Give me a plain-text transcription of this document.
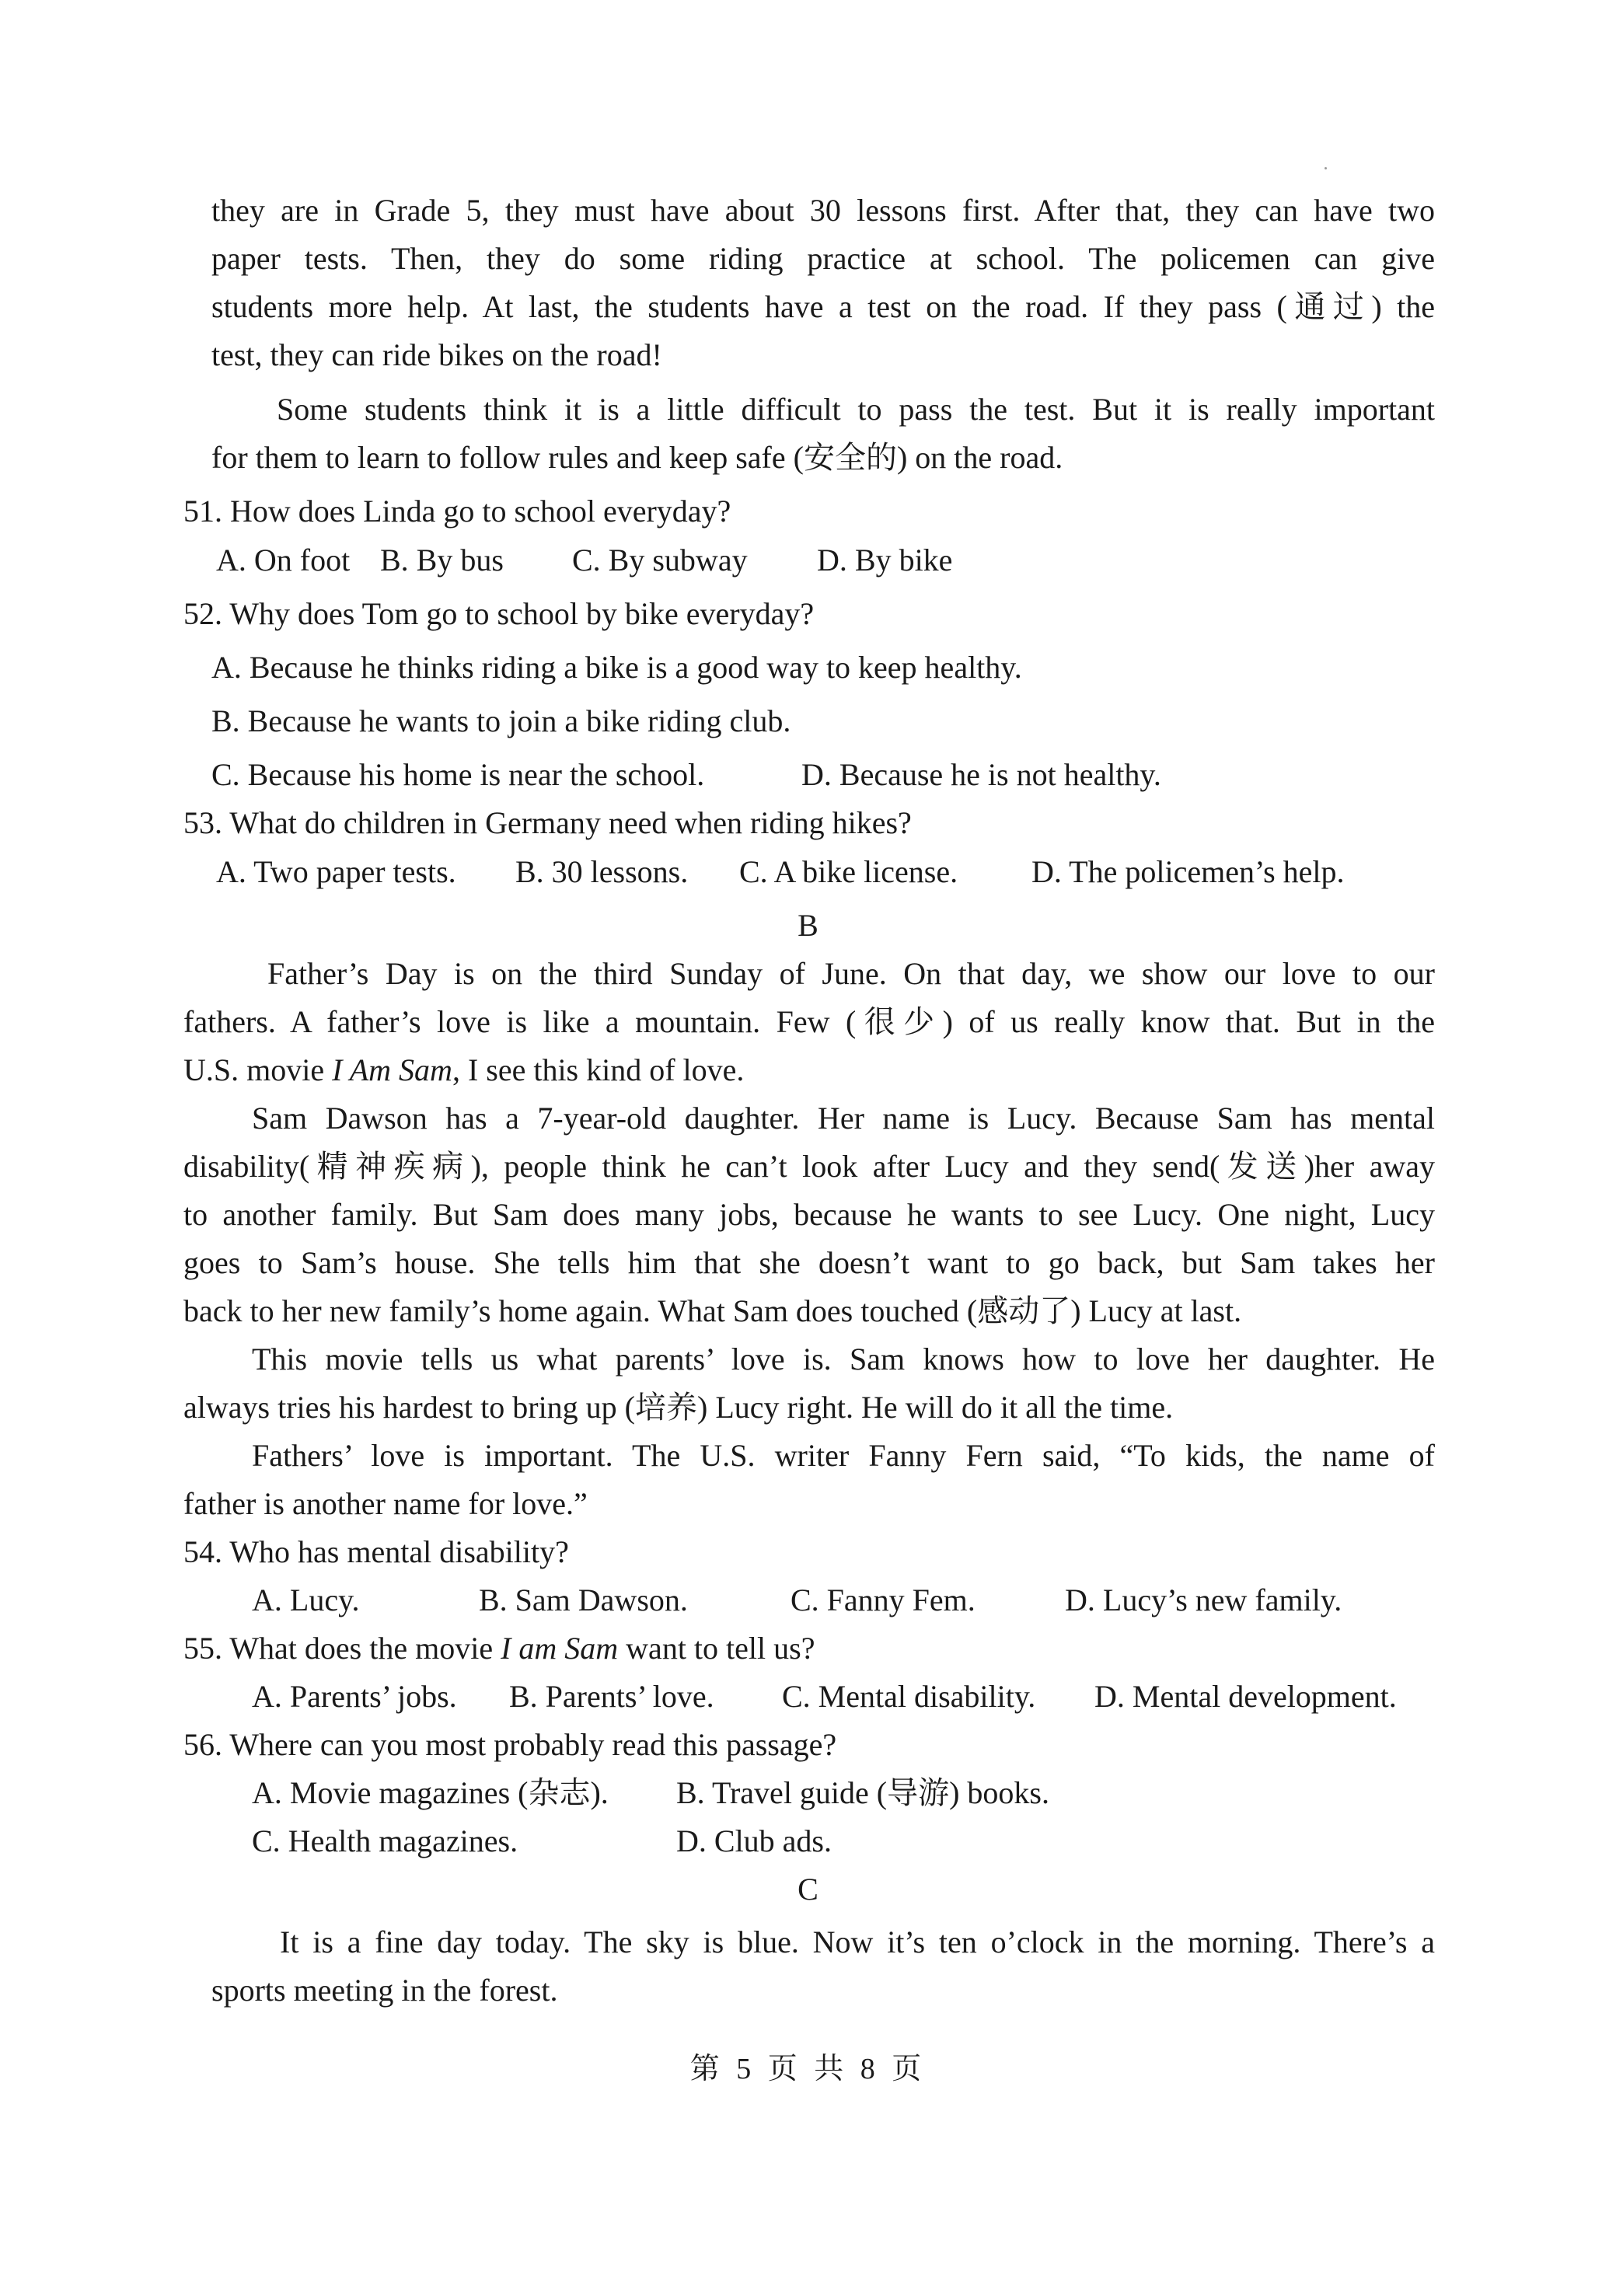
they are in Grade 5, they must have about 30 lessons first. After that, they can have two
paper tests. Then, they do some riding practice at school. The policemen can give
students more help. At last, the students have a test on the road. If they pass (通过) the
test, they can ride bikes on the road!
Some students think it is a little difficult to pass the test. But it is really important
for them to learn to follow rules and keep safe (安全的) on the road.
51. How does Linda go to school everyday?
A. On foot B. By bus C. By subway D. By bike
52. Why does Tom go to school by bike everyday?
A. Because he thinks riding a bike is a good way to keep healthy.
B. Because he wants to join a bike riding club.
C. Because his home is near the school.	D. Because he is not healthy.
53. What do children in Germany need when riding hikes?
A. Two paper tests. B. 30 lessons. C. A bike license. D. The policemen’s help.
B
Father’s Day is on the third Sunday of June. On that day, we show our love to our
fathers. A father’s love is like a mountain. Few (很少) of us really know that. But in the
U.S. movie I Am Sam, I see this kind of love.
Sam Dawson has a 7-year-old daughter. Her name is Lucy. Because Sam has mental
disability(精神疾病), people think he can’t look after Lucy and they send(发送)her away
to another family. But Sam does many jobs, because he wants to see Lucy. One night, Lucy
goes to Sam’s house. She tells him that she doesn’t want to go back, but Sam takes her
back to her new family’s home again. What Sam does touched (感动了) Lucy at last.
This movie tells us what parents’ love is. Sam knows how to love her daughter. He
always tries his hardest to bring up (培养) Lucy right. He will do it all the time.
Fathers’ love is important. The U.S. writer Fanny Fern said, “To kids, the name of
father is another name for love.”
54. Who has mental disability?
A. Lucy.	B. Sam Dawson.	C. Fanny Fem.	D. Lucy’s new family.
55. What does the movie I am Sam want to tell us?
A. Parents’ jobs. B. Parents’ love. C. Mental disability. D. Mental development.
56. Where can you most probably read this passage?
A. Movie magazines (杂志). B. Travel guide (导游) books.
C. Health magazines.	D. Club ads.
C
It is a fine day today. The sky is blue. Now it’s ten o’clock in the morning. There’s a
sports meeting in the forest.
第 5 页 共 8 页
